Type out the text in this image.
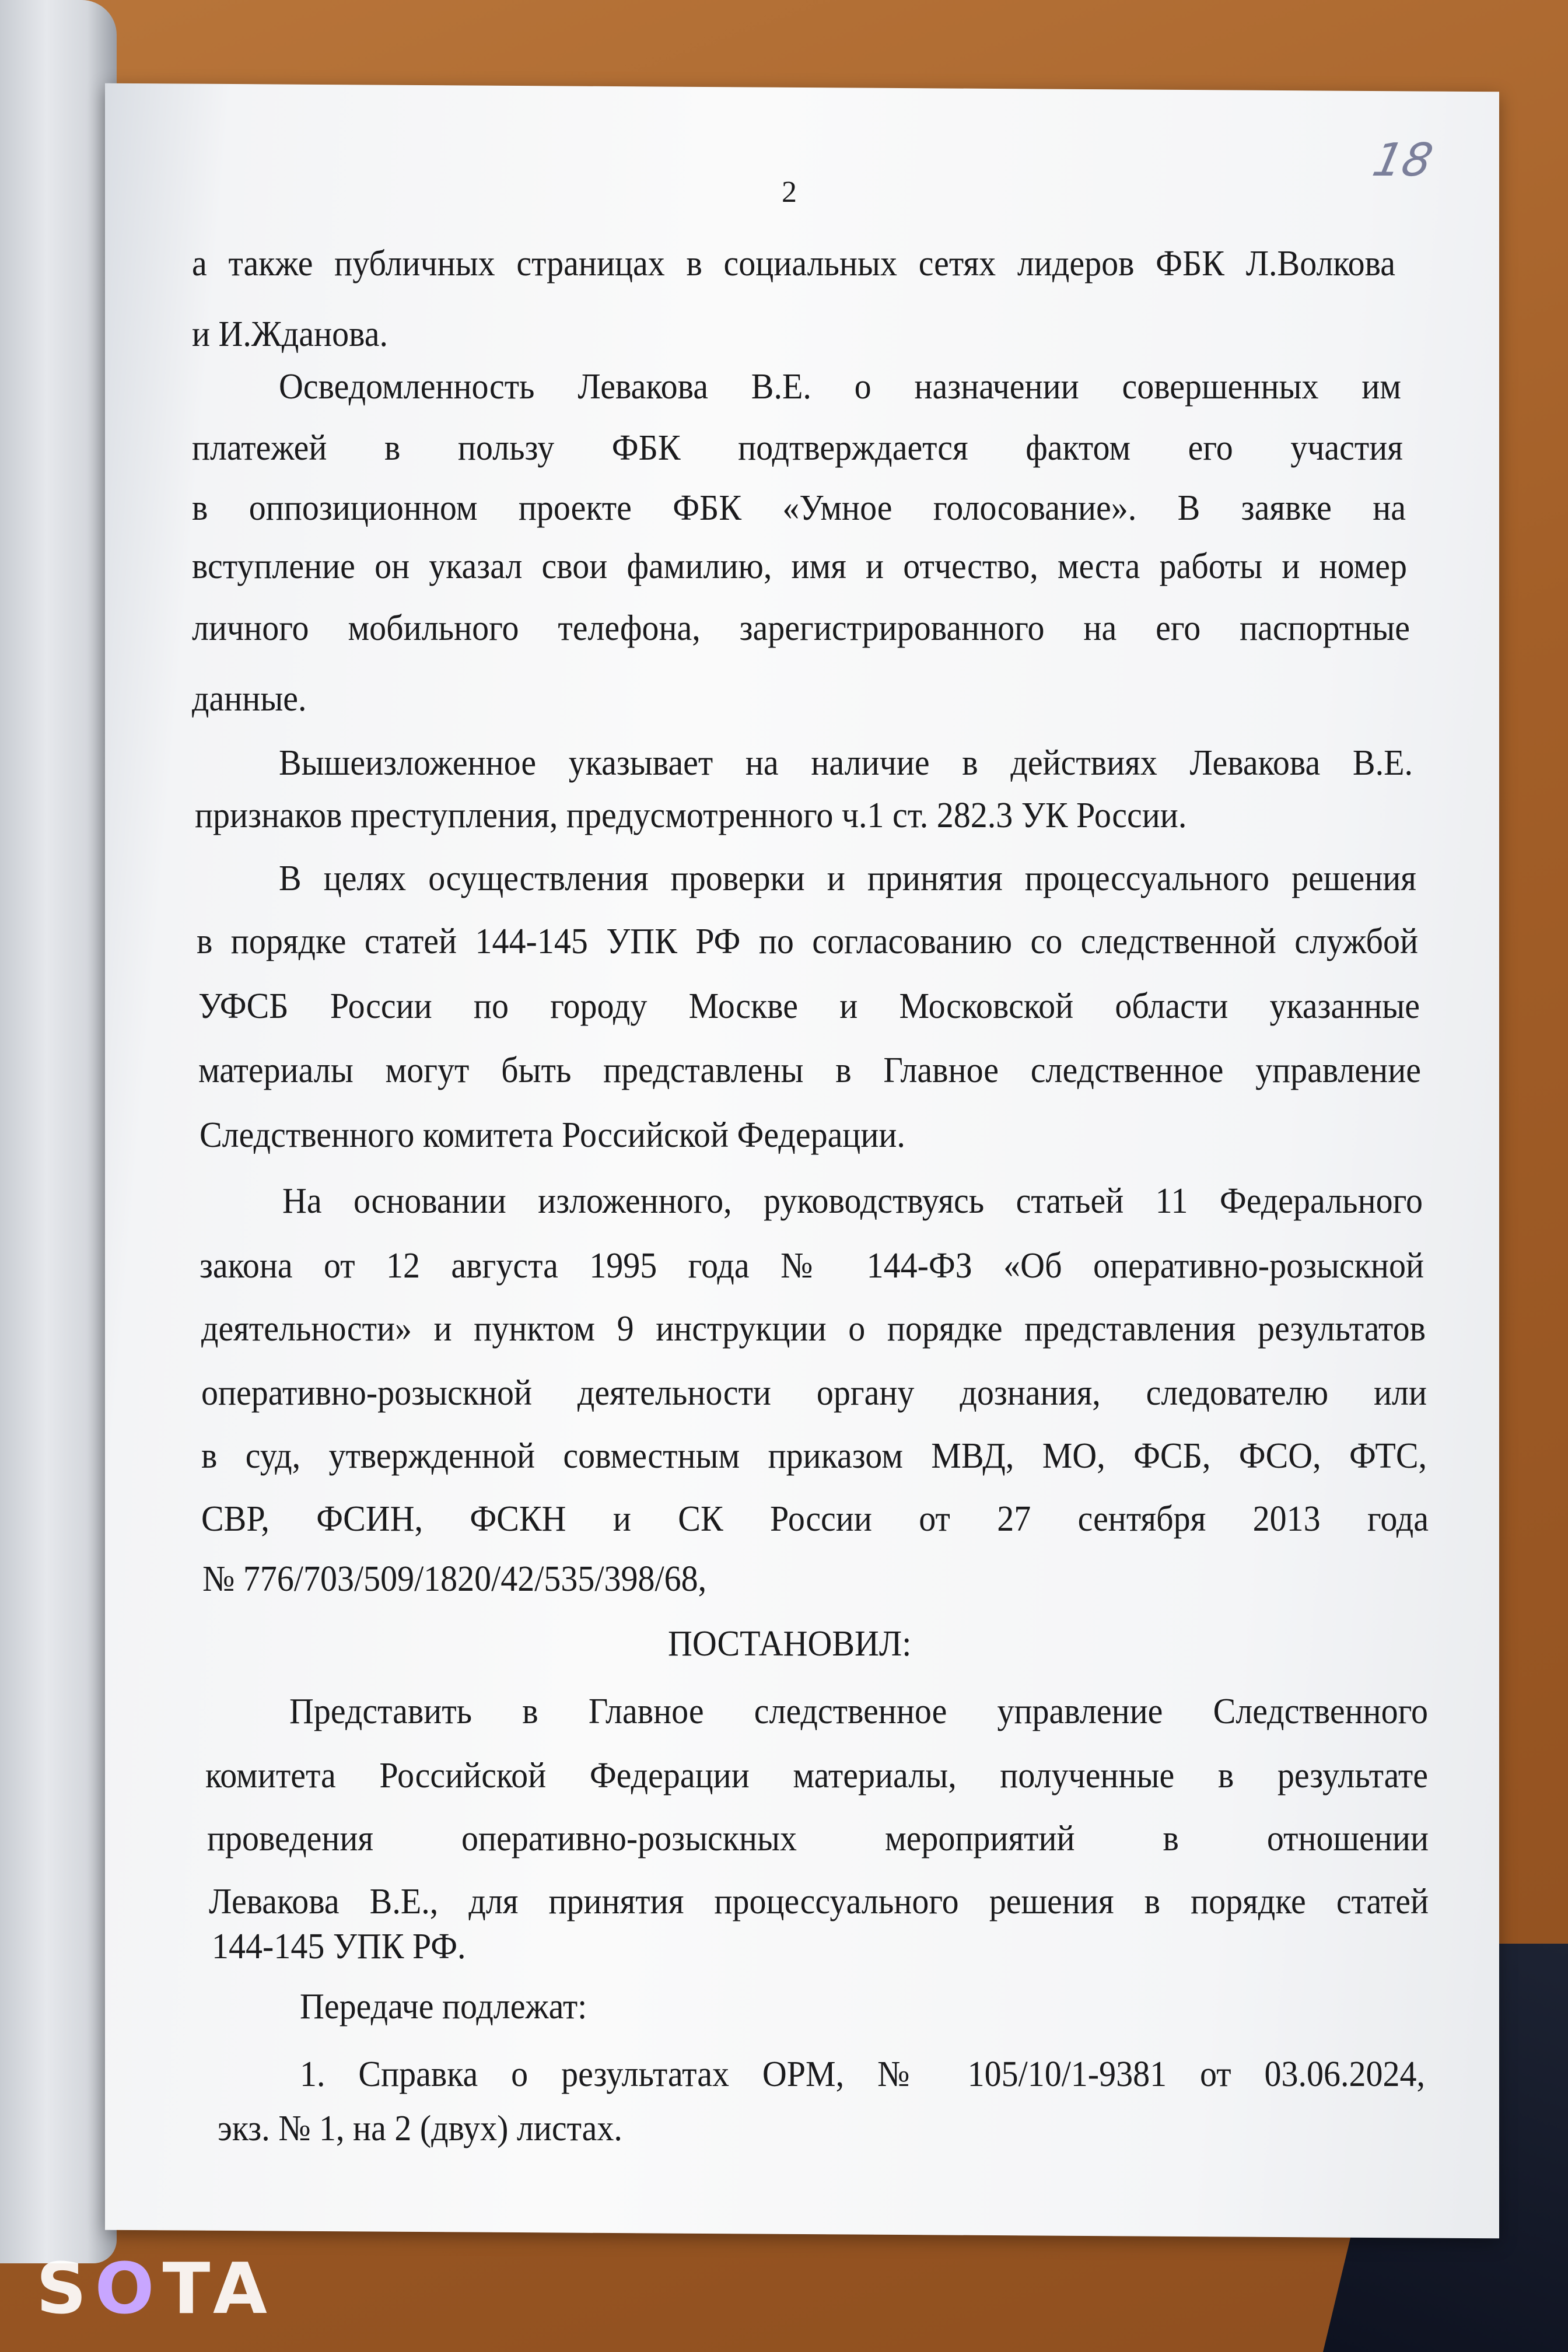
2
18
а также публичных страницах в социальных сетях лидеров ФБК Л.Волкова
и И.Жданова.
Осведомленность Левакова В.Е. о назначении совершенных им
платежей в пользу ФБК подтверждается фактом его участия
в оппозиционном проекте ФБК «Умное голосование». В заявке на
вступление он указал свои фамилию, имя и отчество, места работы и номер
личного мобильного телефона, зарегистрированного на его паспортные
данные.
Вышеизложенное указывает на наличие в действиях Левакова В.Е.
признаков преступления, предусмотренного ч.1 ст. 282.3 УК России.
В целях осуществления проверки и принятия процессуального решения
в порядке статей 144-145 УПК РФ по согласованию со следственной службой
УФСБ России по городу Москве и Московской области указанные
материалы могут быть представлены в Главное следственное управление
Следственного комитета Российской Федерации.
На основании изложенного, руководствуясь статьей 11 Федерального
закона от 12 августа 1995 года № 144-ФЗ «Об оперативно-розыскной
деятельности» и пунктом 9 инструкции о порядке представления результатов
оперативно-розыскной деятельности органу дознания, следователю или
в суд, утвержденной совместным приказом МВД, МО, ФСБ, ФСО, ФТС,
СВР, ФСИН, ФСКН и СК России от 27 сентября 2013 года
№ 776/703/509/1820/42/535/398/68,
ПОСТАНОВИЛ:
Представить в Главное следственное управление Следственного
комитета Российской Федерации материалы, полученные в результате
проведения оперативно-розыскных мероприятий в отношении
Левакова В.Е., для принятия процессуального решения в порядке статей
144-145 УПК РФ.
Передаче подлежат:
1. Справка о результатах ОРМ, № 105/10/1-9381 от 03.06.2024,
экз. № 1, на 2 (двух) листах.
SOTA
